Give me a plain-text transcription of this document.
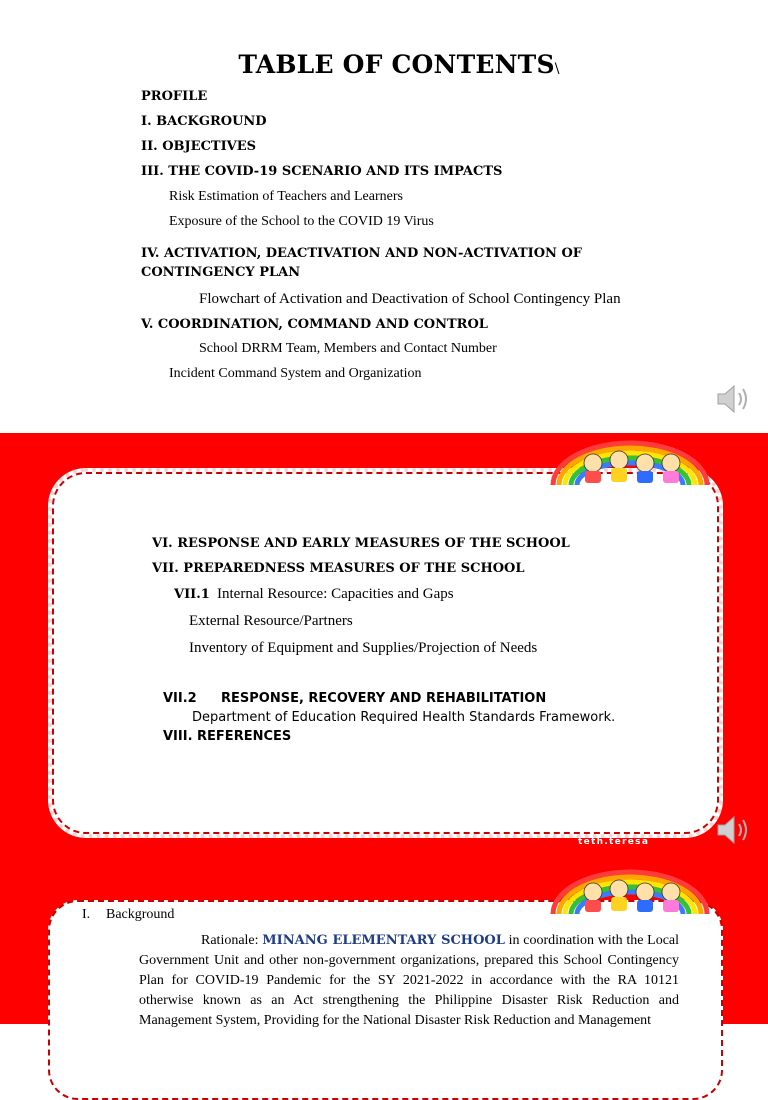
TABLE OF CONTENTS\
PROFILE
I. BACKGROUND
II. OBJECTIVES
III. THE COVID-19 SCENARIO AND ITS IMPACTS
Risk Estimation of Teachers and Learners
Exposure of the School to the COVID 19 Virus
IV. ACTIVATION, DEACTIVATION AND NON-ACTIVATION OF
CONTINGENCY PLAN
Flowchart of Activation and Deactivation of School Contingency Plan
V. COORDINATION, COMMAND AND CONTROL
School DRRM Team, Members and Contact Number
Incident Command System and Organization
VI. RESPONSE AND EARLY MEASURES OF THE SCHOOL
VII. PREPAREDNESS MEASURES OF THE SCHOOL
VII.1 Internal Resource: Capacities and Gaps
External Resource/Partners
Inventory of Equipment and Supplies/Projection of Needs
VII.2 RESPONSE, RECOVERY AND REHABILITATION
Department of Education Required Health Standards Framework.
VIII. REFERENCES
teth.teresa
I. Background
Rationale: MINANG ELEMENTARY SCHOOL in coordination with the Local Government Unit and other non-government organizations, prepared this School Contingency Plan for COVID-19 Pandemic for the SY 2021-2022 in accordance with the RA 10121 otherwise known as an Act strengthening the Philippine Disaster Risk Reduction and Management System, Providing for the National Disaster Risk Reduction and Management
